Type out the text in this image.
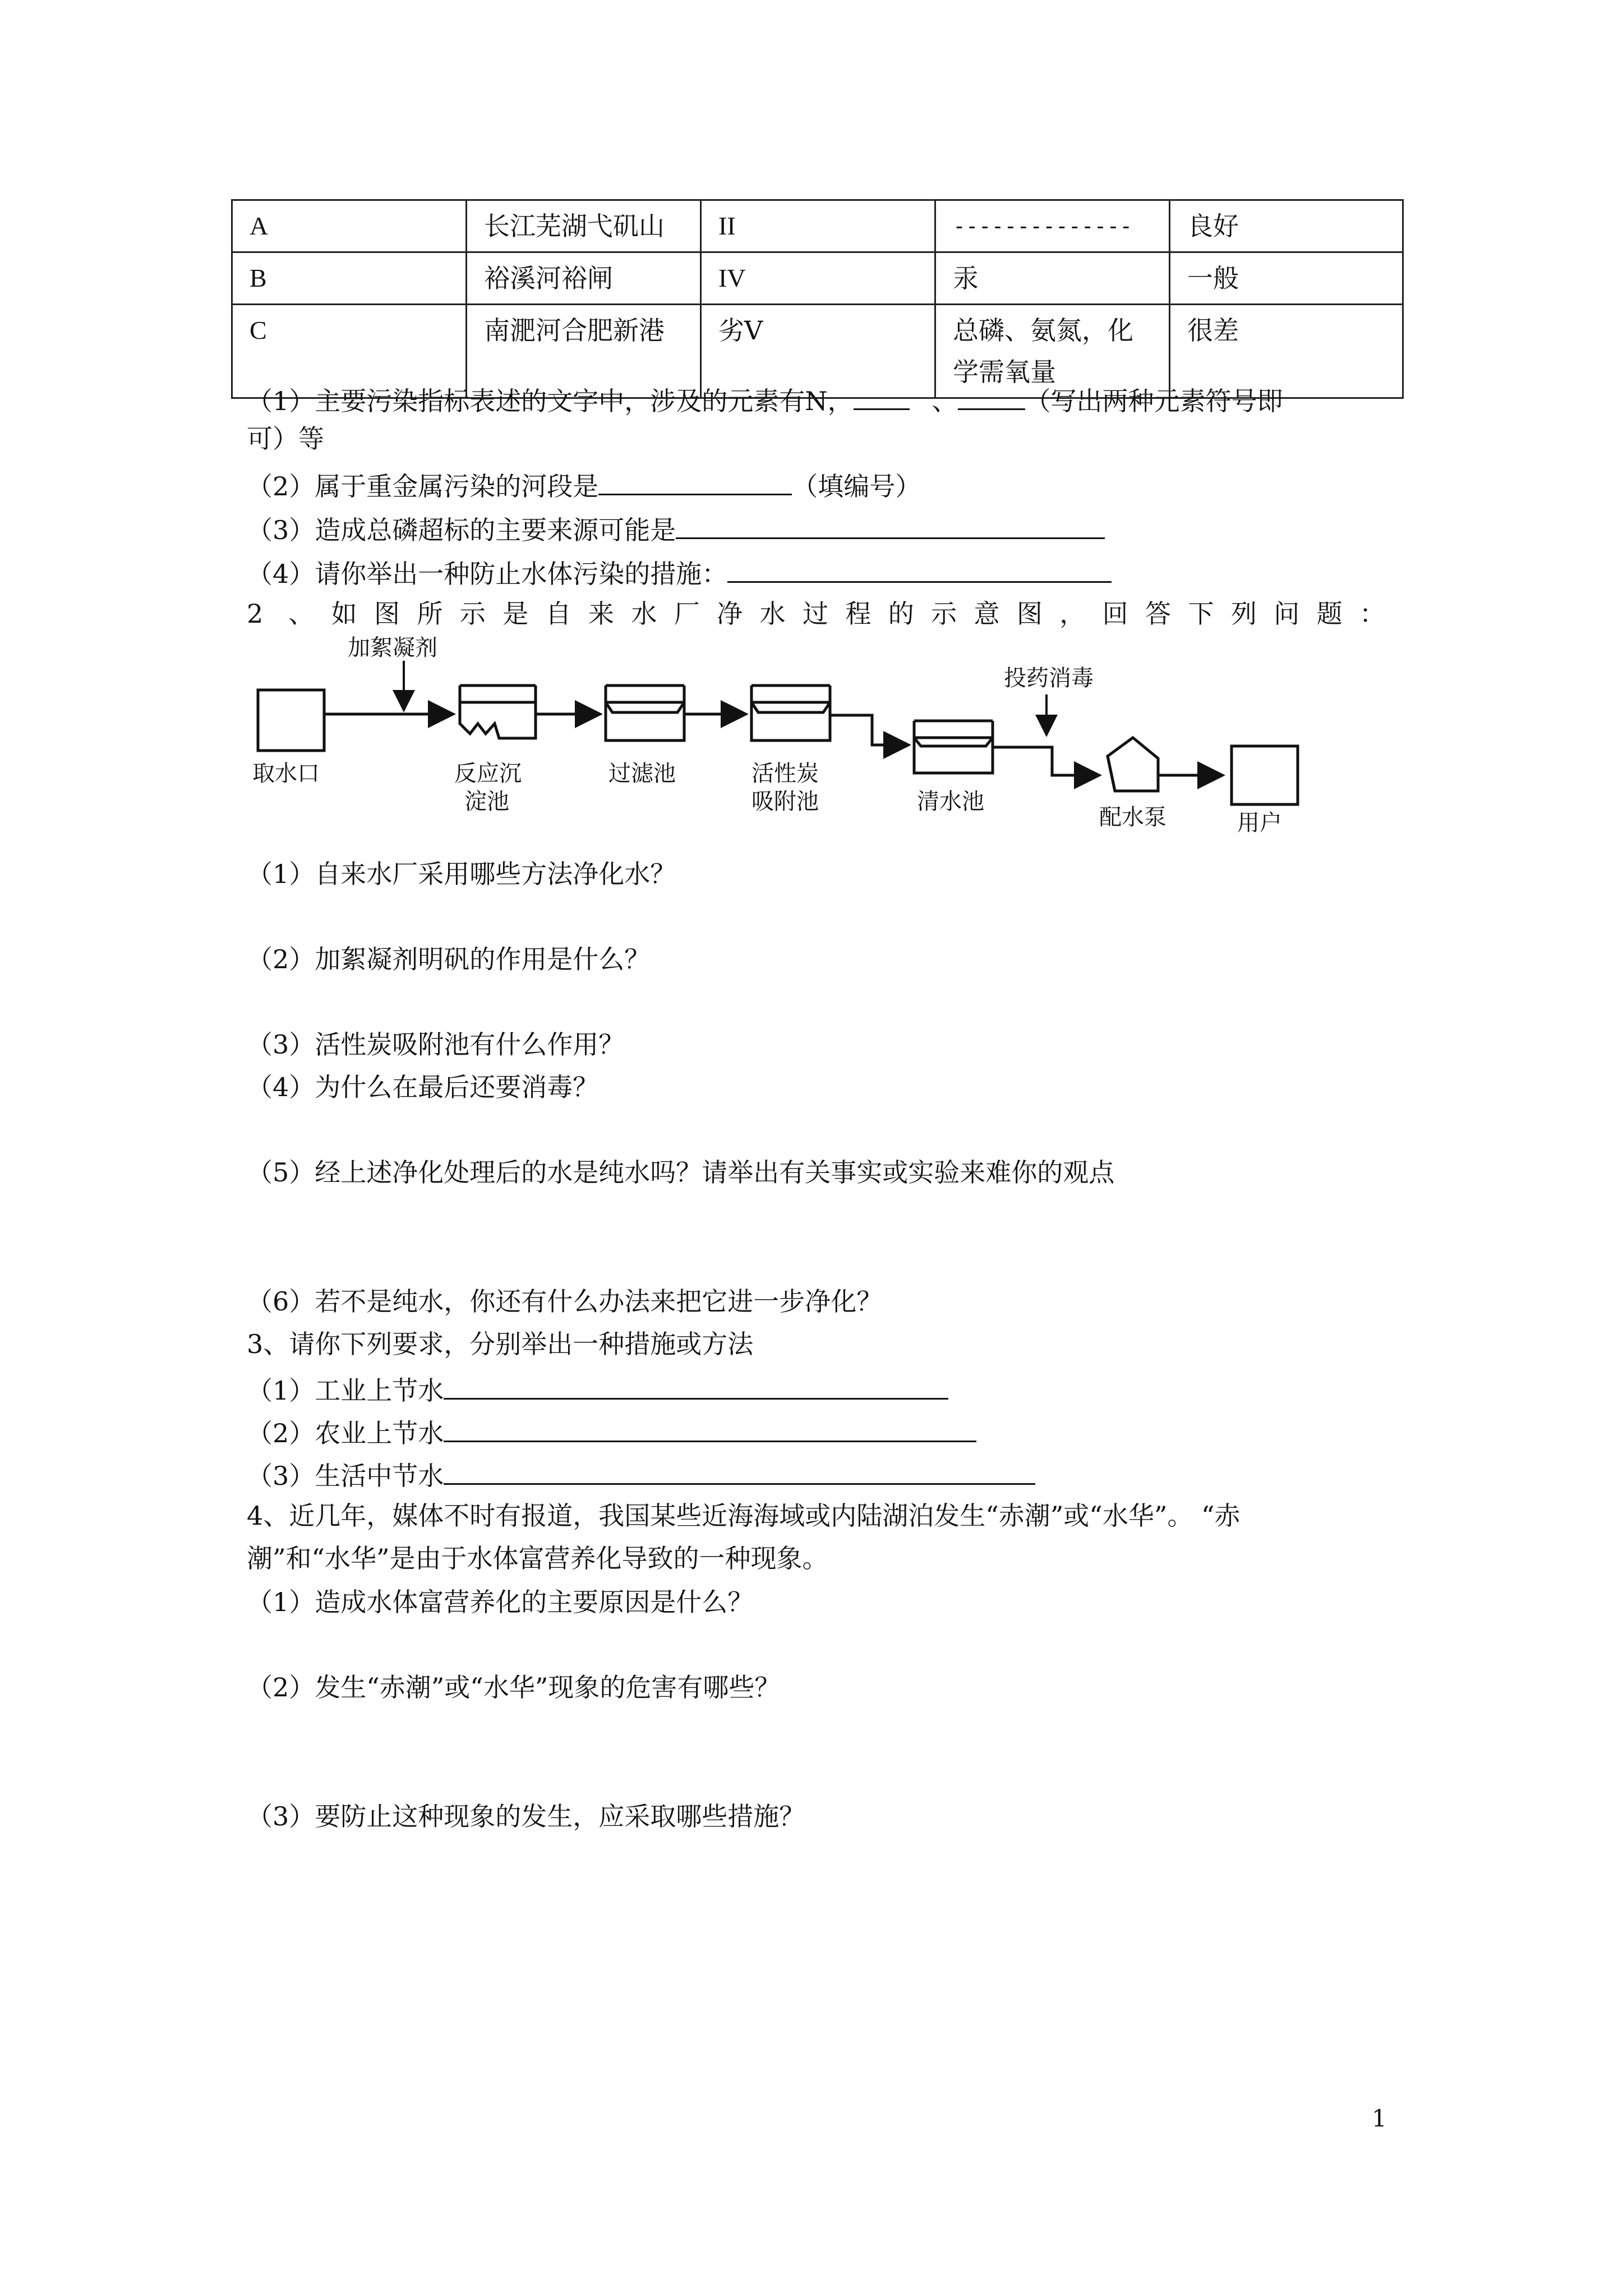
A	长江芜湖弋矶山	II	--------------	良好
B	裕溪河裕闸	IV	汞	一般
C	南淝河合肥新港	劣V	总磷、氨氮，化学需氧量	很差
（1）主要污染指标表述的文字中，涉及的元素有N，	、	（写出两种元素符号即
可）等
（2）属于重金属污染的河段是	（填编号）
（3）造成总磷超标的主要来源可能是
（4）请你举出一种防止水体污染的措施：
2 、如图所示是自来水厂净水过程的示意图，回答下列问题：
加絮凝剂
取水口	反应沉
淀池
过滤池	活性炭
吸附池	清水池
投药消毒
配水泵	用户
（1）自来水厂采用哪些方法净化水？
（2）加絮凝剂明矾的作用是什么？
（3）活性炭吸附池有什么作用？
（4）为什么在最后还要消毒？
（5）经上述净化处理后的水是纯水吗？请举出有关事实或实验来难你的观点
（6）若不是纯水，你还有什么办法来把它进一步净化？
3、请你下列要求，分别举出一种措施或方法
（1）工业上节水
（2）农业上节水
（3）生活中节水
4、近几年，媒体不时有报道，我国某些近海海域或内陆湖泊发生“赤潮”或“水华”。 “赤
潮”和“水华”是由于水体富营养化导致的一种现象。
（1）造成水体富营养化的主要原因是什么？
（2）发生“赤潮”或“水华”现象的危害有哪些？
（3）要防止这种现象的发生，应采取哪些措施？
1
